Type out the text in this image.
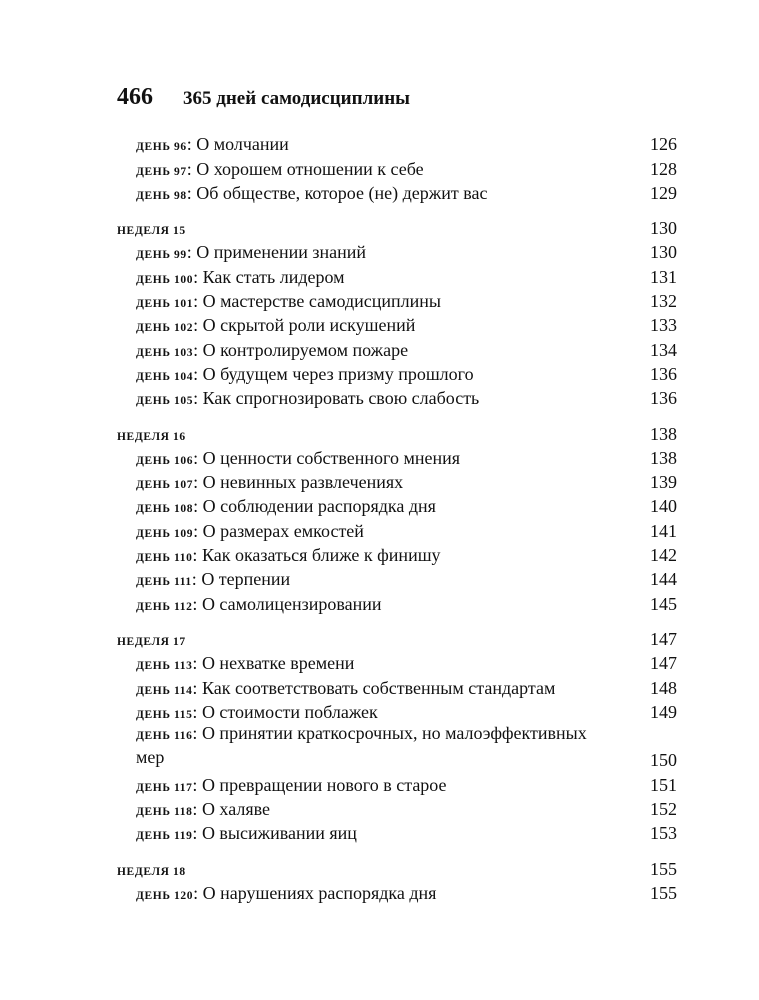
466	365 дней самодисциплины
ДЕНЬ 96: О молчании	126
ДЕНЬ 97: О хорошем отношении к себе	128
ДЕНЬ 98: Об обществе, которое (не) держит вас	129
НЕДЕЛЯ 15	130
ДЕНЬ 99: О применении знаний	130
ДЕНЬ 100: Как стать лидером	131
ДЕНЬ 101: О мастерстве самодисциплины	132
ДЕНЬ 102: О скрытой роли искушений	133
ДЕНЬ 103: О контролируемом пожаре	134
ДЕНЬ 104: О будущем через призму прошлого	136
ДЕНЬ 105: Как спрогнозировать свою слабость	136
НЕДЕЛЯ 16	138
ДЕНЬ 106: О ценности собственного мнения	138
ДЕНЬ 107: О невинных развлечениях	139
ДЕНЬ 108: О соблюдении распорядка дня	140
ДЕНЬ 109: О размерах емкостей	141
ДЕНЬ 110: Как оказаться ближе к финишу	142
ДЕНЬ 111: О терпении	144
ДЕНЬ 112: О самолицензировании	145
НЕДЕЛЯ 17	147
ДЕНЬ 113: О нехватке времени	147
ДЕНЬ 114: Как соответствовать собственным стандартам	148
ДЕНЬ 115: О стоимости поблажек	149
ДЕНЬ 116: О принятии краткосрочных, но малоэффективных
мер	150
ДЕНЬ 117: О превращении нового в старое	151
ДЕНЬ 118: О халяве	152
ДЕНЬ 119: О высиживании яиц	153
НЕДЕЛЯ 18	155
ДЕНЬ 120: О нарушениях распорядка дня	155
